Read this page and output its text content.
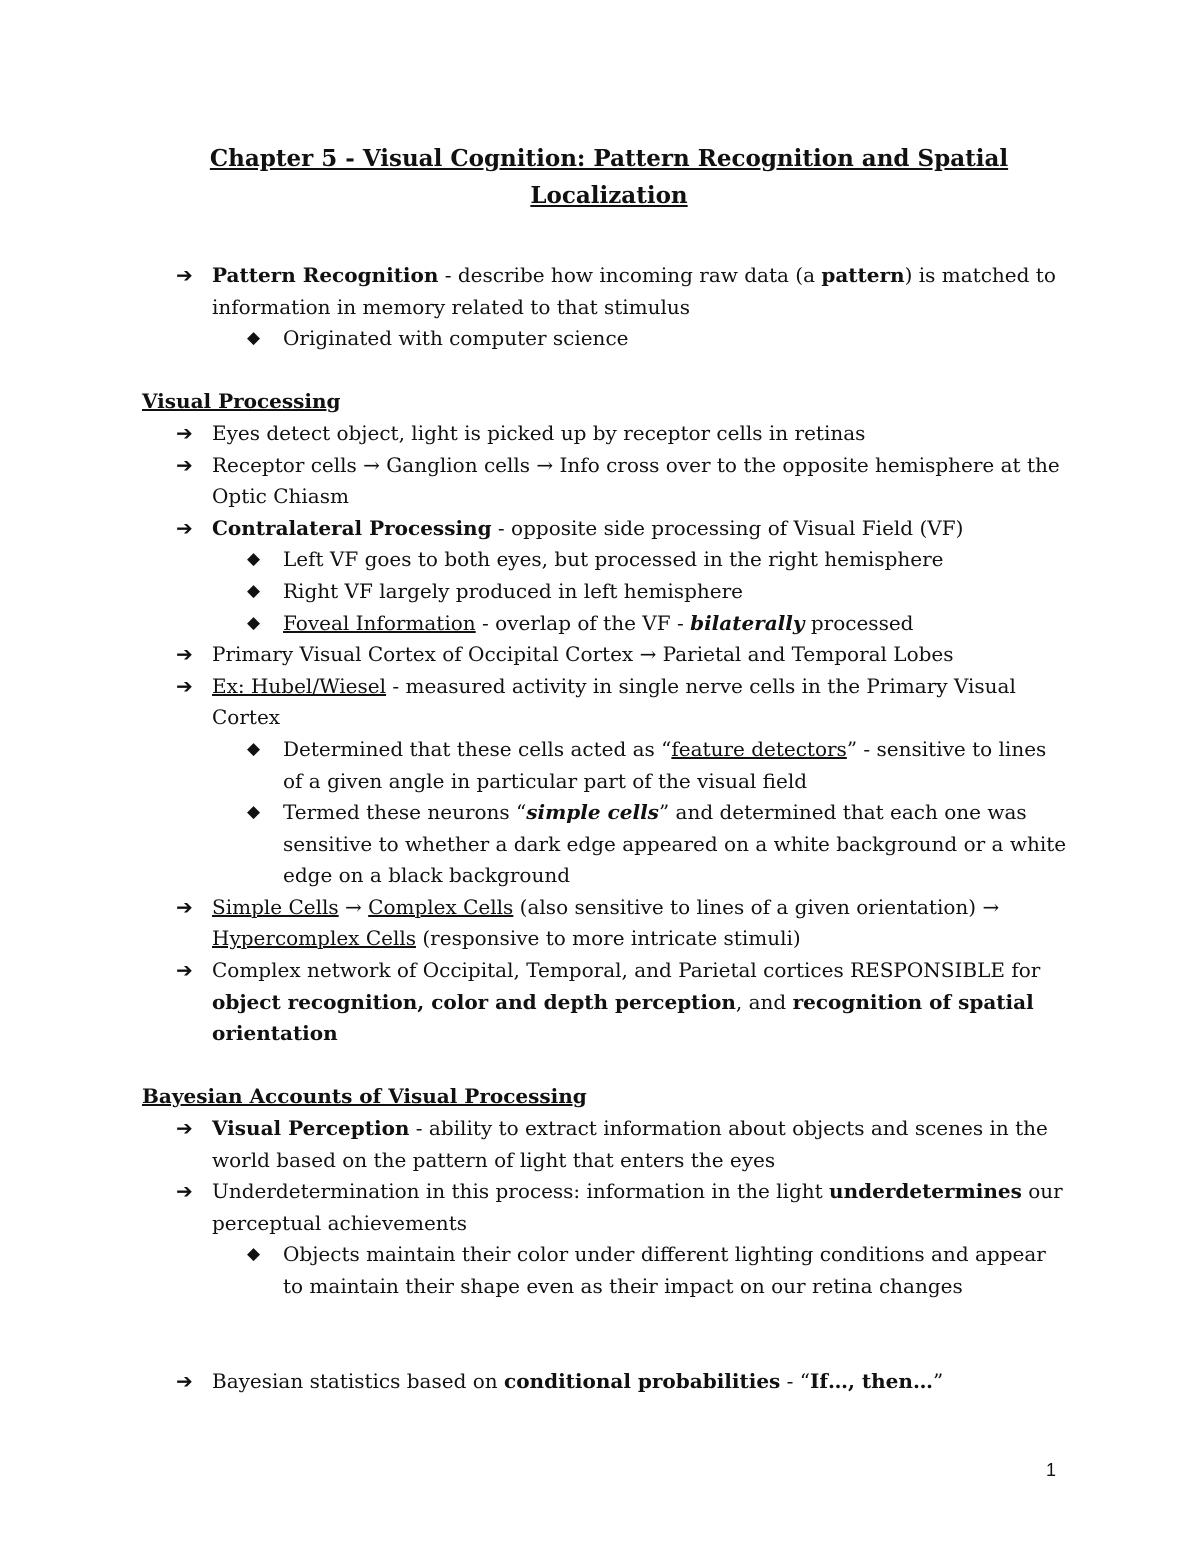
Chapter 5 - Visual Cognition: Pattern Recognition and Spatial
Localization
➔ Pattern Recognition - describe how incoming raw data (a pattern) is matched to information in memory related to that stimulus
◆ Originated with computer science
Visual Processing
➔ Eyes detect object, light is picked up by receptor cells in retinas
➔ Receptor cells → Ganglion cells → Info cross over to the opposite hemisphere at the Optic Chiasm
➔ Contralateral Processing - opposite side processing of Visual Field (VF)
◆ Left VF goes to both eyes, but processed in the right hemisphere
◆ Right VF largely produced in left hemisphere
◆ Foveal Information - overlap of the VF - bilaterally processed
➔ Primary Visual Cortex of Occipital Cortex → Parietal and Temporal Lobes
➔ Ex: Hubel/Wiesel - measured activity in single nerve cells in the Primary Visual Cortex
◆ Determined that these cells acted as “feature detectors” - sensitive to lines of a given angle in particular part of the visual field
◆ Termed these neurons “simple cells” and determined that each one was sensitive to whether a dark edge appeared on a white background or a white edge on a black background
➔ Simple Cells → Complex Cells (also sensitive to lines of a given orientation) → Hypercomplex Cells (responsive to more intricate stimuli)
➔ Complex network of Occipital, Temporal, and Parietal cortices RESPONSIBLE for object recognition, color and depth perception, and recognition of spatial orientation
Bayesian Accounts of Visual Processing
➔ Visual Perception - ability to extract information about objects and scenes in the world based on the pattern of light that enters the eyes
➔ Underdetermination in this process: information in the light underdetermines our perceptual achievements
◆ Objects maintain their color under different lighting conditions and appear to maintain their shape even as their impact on our retina changes
➔ Bayesian statistics based on conditional probabilities - “If…, then…”
1
